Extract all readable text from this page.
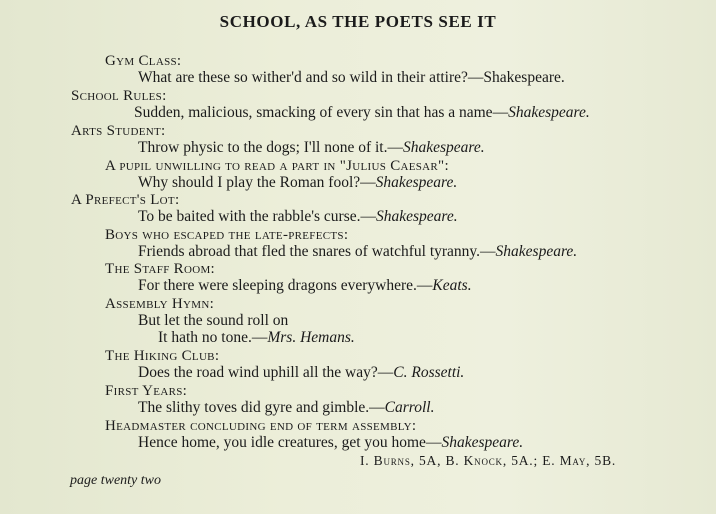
SCHOOL, AS THE POETS SEE IT
Gym Class:
What are these so wither'd and so wild in their attire?—Shakespeare.
School Rules:
Sudden, malicious, smacking of every sin that has a name—Shakespeare.
Arts Student:
Throw physic to the dogs; I'll none of it.—Shakespeare.
A pupil unwilling to read a part in "Julius Caesar":
Why should I play the Roman fool?—Shakespeare.
A Prefect's Lot:
To be baited with the rabble's curse.—Shakespeare.
Boys who escaped the late-prefects:
Friends abroad that fled the snares of watchful tyranny.—Shakespeare.
The Staff Room:
For there were sleeping dragons everywhere.—Keats.
Assembly Hymn:
But let the sound roll on
It hath no tone.—Mrs. Hemans.
The Hiking Club:
Does the road wind uphill all the way?—C. Rossetti.
First Years:
The slithy toves did gyre and gimble.—Carroll.
Headmaster concluding end of term assembly:
Hence home, you idle creatures, get you home—Shakespeare.
I. Burns, 5A, B. Knock, 5A.; E. May, 5B.
page twenty two
